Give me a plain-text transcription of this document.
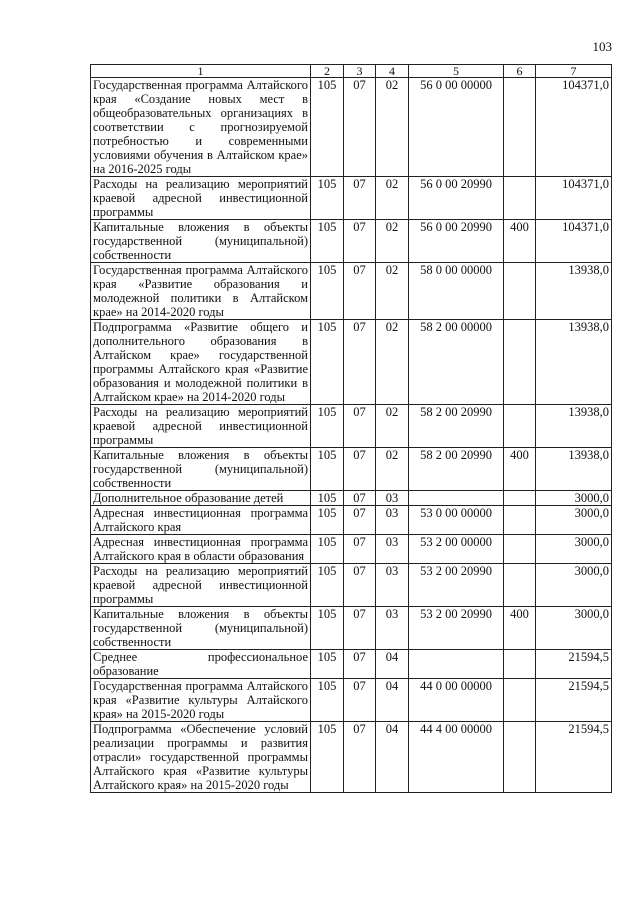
103
1	2	3	4	5	6	7
Государственная программа Алтайского края «Создание новых мест в общеобразовательных организациях в соответствии с прогнозируемой потребностью и современными условиями обучения в Алтайском крае» на 2016-2025 годы	105	07	02	56 0 00 00000		104371,0
Расходы на реализацию мероприятий краевой адресной инвестиционной программы	105	07	02	56 0 00 20990		104371,0
Капитальные вложения в объекты государственной (муниципальной) собственности	105	07	02	56 0 00 20990	400	104371,0
Государственная программа Алтайского края «Развитие образования и молодежной политики в Алтайском крае» на 2014-2020 годы	105	07	02	58 0 00 00000		13938,0
Подпрограмма «Развитие общего и дополнительного образования в Алтайском крае» государственной программы Алтайского края «Развитие образования и молодежной политики в Алтайском крае» на 2014-2020 годы	105	07	02	58 2 00 00000		13938,0
Расходы на реализацию мероприятий краевой адресной инвестиционной программы	105	07	02	58 2 00 20990		13938,0
Капитальные вложения в объекты государственной (муниципальной) собственности	105	07	02	58 2 00 20990	400	13938,0
Дополнительное образование детей	105	07	03			3000,0
Адресная инвестиционная программа Алтайского края	105	07	03	53 0 00 00000		3000,0
Адресная инвестиционная программа Алтайского края в области образования	105	07	03	53 2 00 00000		3000,0
Расходы на реализацию мероприятий краевой адресной инвестиционной программы	105	07	03	53 2 00 20990		3000,0
Капитальные вложения в объекты государственной (муниципальной) собственности	105	07	03	53 2 00 20990	400	3000,0
Среднее профессиональное образование	105	07	04			21594,5
Государственная программа Алтайского края «Развитие культуры Алтайского края» на 2015-2020 годы	105	07	04	44 0 00 00000		21594,5
Подпрограмма «Обеспечение условий реализации программы и развития отрасли» государственной программы Алтайского края «Развитие культуры Алтайского края» на 2015-2020 годы	105	07	04	44 4 00 00000		21594,5
